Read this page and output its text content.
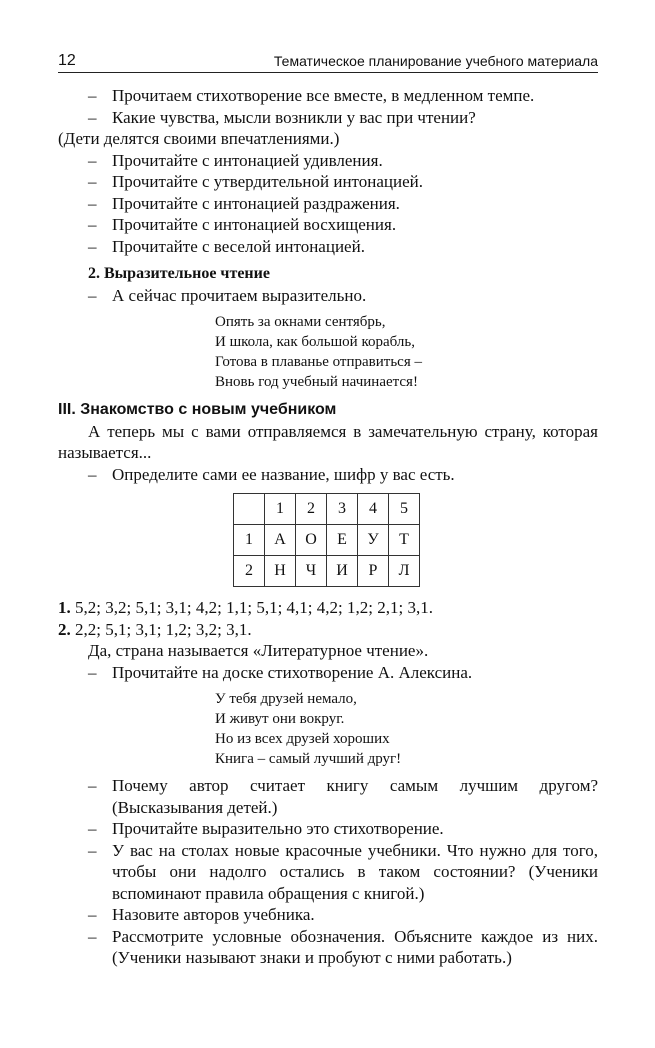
12	Тематическое планирование учебного материала

– Прочитаем стихотворение все вместе, в медленном темпе.

– Какие чувства, мысли возникли у вас при чтении?

(Дети делятся своими впечатлениями.)

– Прочитайте с интонацией удивления.

– Прочитайте с утвердительной интонацией.

– Прочитайте с интонацией раздражения.

– Прочитайте с интонацией восхищения.

– Прочитайте с веселой интонацией.

2. Выразительное чтение

– А сейчас прочитаем выразительно.

Опять за окнами сентябрь,
И школа, как большой корабль,
Готова в плаванье отправиться –
Вновь год учебный начинается!

III. Знакомство с новым учебником

А теперь мы с вами отправляемся в замечательную страну, которая называется...

– Определите сами ее название, шифр у вас есть.

	1	2	3	4	5
1	А	О	Е	У	Т
2	Н	Ч	И	Р	Л

1. 5,2; 3,2; 5,1; 3,1; 4,2; 1,1; 5,1; 4,1; 4,2; 1,2; 2,1; 3,1.

2. 2,2; 5,1; 3,1; 1,2; 3,2; 3,1.

Да, страна называется «Литературное чтение».

– Прочитайте на доске стихотворение А. Алексина.

У тебя друзей немало,
И живут они вокруг.
Но из всех друзей хороших
Книга – самый лучший друг!

– Почему автор считает книгу самым лучшим другом? (Высказывания детей.)

– Прочитайте выразительно это стихотворение.

– У вас на столах новые красочные учебники. Что нужно для того, чтобы они надолго остались в таком состоянии? (Ученики вспоминают правила обращения с книгой.)

– Назовите авторов учебника.

– Рассмотрите условные обозначения. Объясните каждое из них. (Ученики называют знаки и пробуют с ними работать.)
